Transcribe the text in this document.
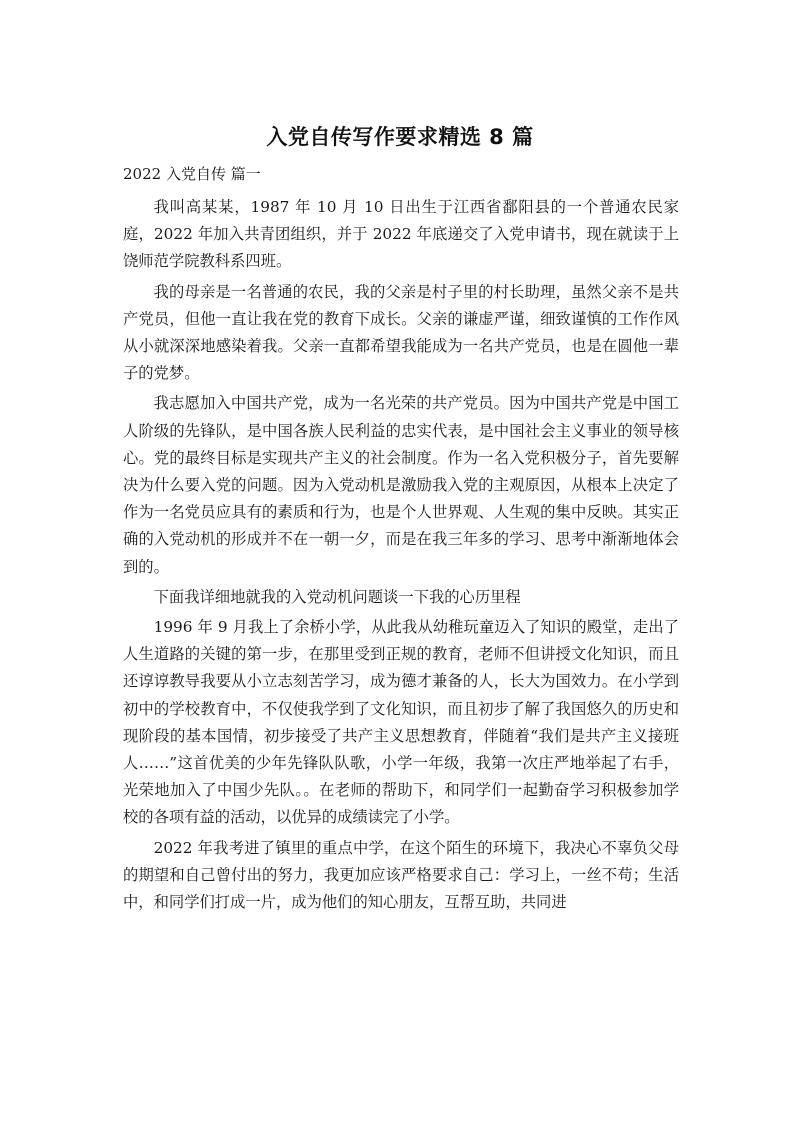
入党自传写作要求精选 8 篇
2022 入党自传 篇一

我叫高某某，1987 年 10 月 10 日出生于江西省鄱阳县的一个普通农民家庭，2022 年加入共青团组织，并于 2022 年底递交了入党申请书，现在就读于上饶师范学院教科系四班。

我的母亲是一名普通的农民，我的父亲是村子里的村长助理，虽然父亲不是共产党员，但他一直让我在党的教育下成长。父亲的谦虚严谨，细致谨慎的工作作风从小就深深地感染着我。父亲一直都希望我能成为一名共产党员，也是在圆他一辈子的党梦。

我志愿加入中国共产党，成为一名光荣的共产党员。因为中国共产党是中国工人阶级的先锋队，是中国各族人民利益的忠实代表，是中国社会主义事业的领导核心。党的最终目标是实现共产主义的社会制度。作为一名入党积极分子，首先要解决为什么要入党的问题。因为入党动机是激励我入党的主观原因，从根本上决定了作为一名党员应具有的素质和行为，也是个人世界观、人生观的集中反映。其实正确的入党动机的形成并不在一朝一夕，而是在我三年多的学习、思考中渐渐地体会到的。

下面我详细地就我的入党动机问题谈一下我的心历里程

1996 年 9 月我上了余桥小学，从此我从幼稚玩童迈入了知识的殿堂，走出了人生道路的关键的第一步，在那里受到正规的教育，老师不但讲授文化知识，而且还谆谆教导我要从小立志刻苦学习，成为德才兼备的人，长大为国效力。在小学到初中的学校教育中，不仅使我学到了文化知识，而且初步了解了我国悠久的历史和现阶段的基本国情，初步接受了共产主义思想教育，伴随着“我们是共产主义接班人……”这首优美的少年先锋队队歌，小学一年级，我第一次庄严地举起了右手，光荣地加入了中国少先队。。在老师的帮助下，和同学们一起勤奋学习积极参加学校的各项有益的活动，以优异的成绩读完了小学。

2022 年我考进了镇里的重点中学，在这个陌生的环境下，我决心不辜负父母的期望和自己曾付出的努力，我更加应该严格要求自己：学习上，一丝不苟；生活中，和同学们打成一片，成为他们的知心朋友，互帮互助，共同进
